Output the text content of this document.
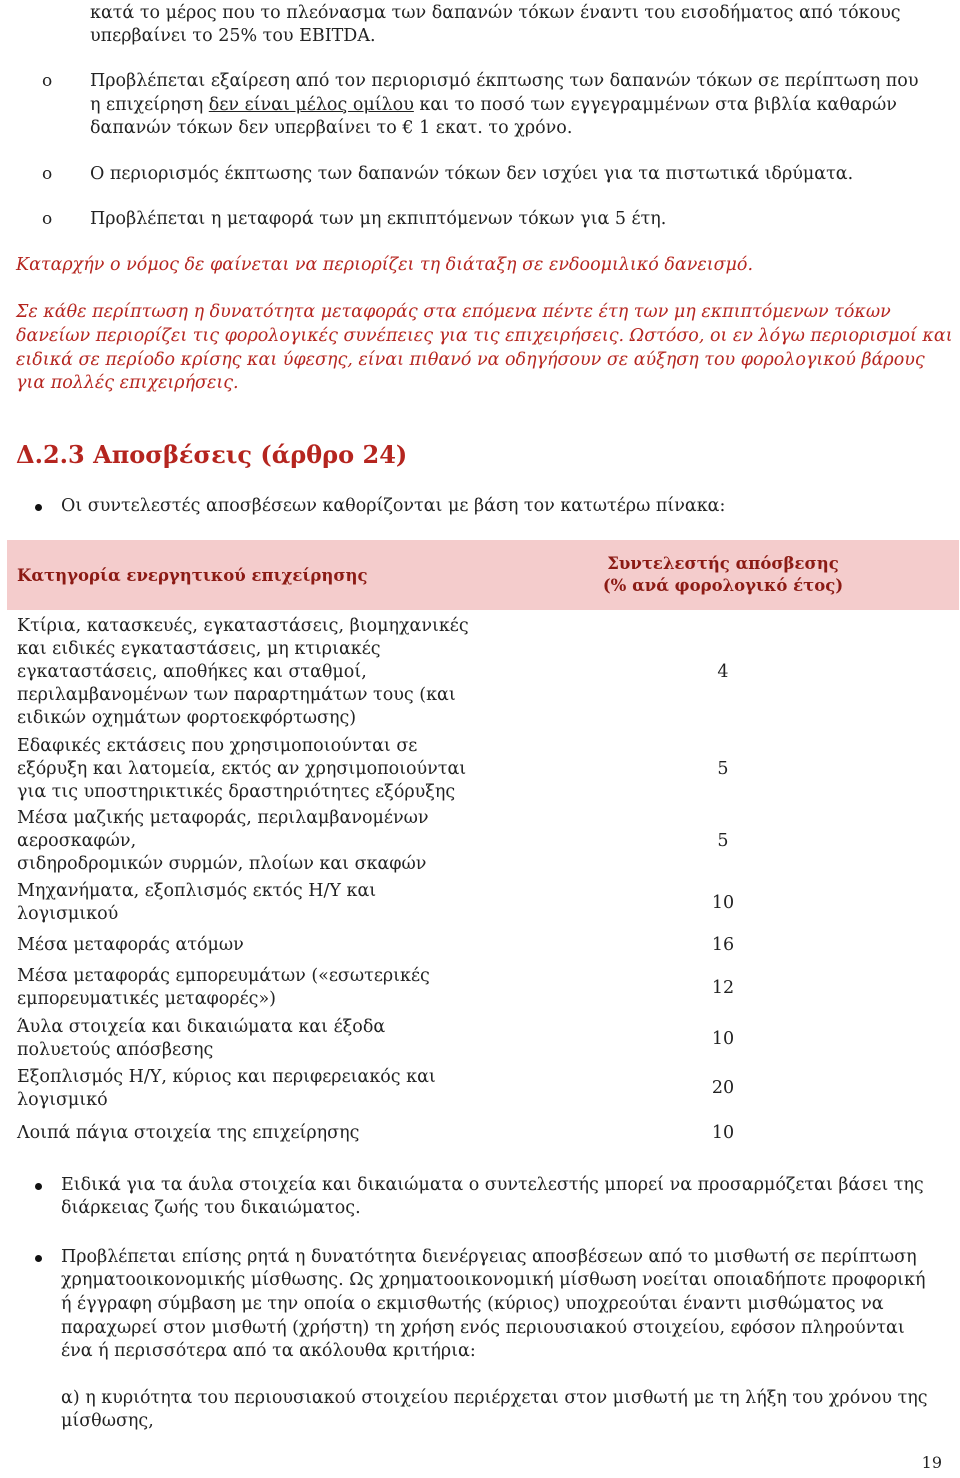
κατά το μέρος που το πλεόνασμα των δαπανών τόκων έναντι του εισοδήματος από τόκους
υπερβαίνει το 25% του EBITDA.
o Προβλέπεται εξαίρεση από τον περιορισμό έκπτωσης των δαπανών τόκων σε περίπτωση που
η επιχείρηση δεν είναι μέλος ομίλου και το ποσό των εγγεγραμμένων στα βιβλία καθαρών
δαπανών τόκων δεν υπερβαίνει το € 1 εκατ. το χρόνο.
o Ο περιορισμός έκπτωσης των δαπανών τόκων δεν ισχύει για τα πιστωτικά ιδρύματα.
o Προβλέπεται η μεταφορά των μη εκπιπτόμενων τόκων για 5 έτη.
Καταρχήν ο νόμος δε φαίνεται να περιορίζει τη διάταξη σε ενδοομιλικό δανεισμό.
Σε κάθε περίπτωση η δυνατότητα μεταφοράς στα επόμενα πέντε έτη των μη εκπιπτόμενων τόκων
δανείων περιορίζει τις φορολογικές συνέπειες για τις επιχειρήσεις. Ωστόσο, οι εν λόγω περιορισμοί και
ειδικά σε περίοδο κρίσης και ύφεσης, είναι πιθανό να οδηγήσουν σε αύξηση του φορολογικού βάρους
για πολλές επιχειρήσεις.
Δ.2.3 Αποσβέσεις (άρθρο 24)
Οι συντελεστές αποσβέσεων καθορίζονται με βάση τον κατωτέρω πίνακα:
Κατηγορία ενεργητικού επιχείρησης	Συντελεστής απόσβεσης
(% ανά φορολογικό έτος)

Κτίρια, κατασκευές, εγκαταστάσεις, βιομηχανικές
και ειδικές εγκαταστάσεις, μη κτιριακές
εγκαταστάσεις, αποθήκες και σταθμοί,
περιλαμβανομένων των παραρτημάτων τους (και
ειδικών οχημάτων φορτοεκφόρτωσης)	4

Εδαφικές εκτάσεις που χρησιμοποιούνται σε
εξόρυξη και λατομεία, εκτός αν χρησιμοποιούνται
για τις υποστηρικτικές δραστηριότητες εξόρυξης	5

Μέσα μαζικής μεταφοράς, περιλαμβανομένων
αεροσκαφών,
σιδηροδρομικών συρμών, πλοίων και σκαφών	5

Μηχανήματα, εξοπλισμός εκτός Η/Υ και
λογισμικού	10

Μέσα μεταφοράς ατόμων	16

Μέσα μεταφοράς εμπορευμάτων («εσωτερικές
εμπορευματικές μεταφορές»)	12

Άυλα στοιχεία και δικαιώματα και έξοδα
πολυετούς απόσβεσης	10

Εξοπλισμός Η/Υ, κύριος και περιφερειακός και
λογισμικό	20

Λοιπά πάγια στοιχεία της επιχείρησης	10
Ειδικά για τα άυλα στοιχεία και δικαιώματα ο συντελεστής μπορεί να προσαρμόζεται βάσει της
διάρκειας ζωής του δικαιώματος.
Προβλέπεται επίσης ρητά η δυνατότητα διενέργειας αποσβέσεων από το μισθωτή σε περίπτωση
χρηματοοικονομικής μίσθωσης. Ως χρηματοοικονομική μίσθωση νοείται οποιαδήποτε προφορική
ή έγγραφη σύμβαση με την οποία ο εκμισθωτής (κύριος) υποχρεούται έναντι μισθώματος να
παραχωρεί στον μισθωτή (χρήστη) τη χρήση ενός περιουσιακού στοιχείου, εφόσον πληρούνται
ένα ή περισσότερα από τα ακόλουθα κριτήρια:
α) η κυριότητα του περιουσιακού στοιχείου περιέρχεται στον μισθωτή με τη λήξη του χρόνου της
μίσθωσης,
19
